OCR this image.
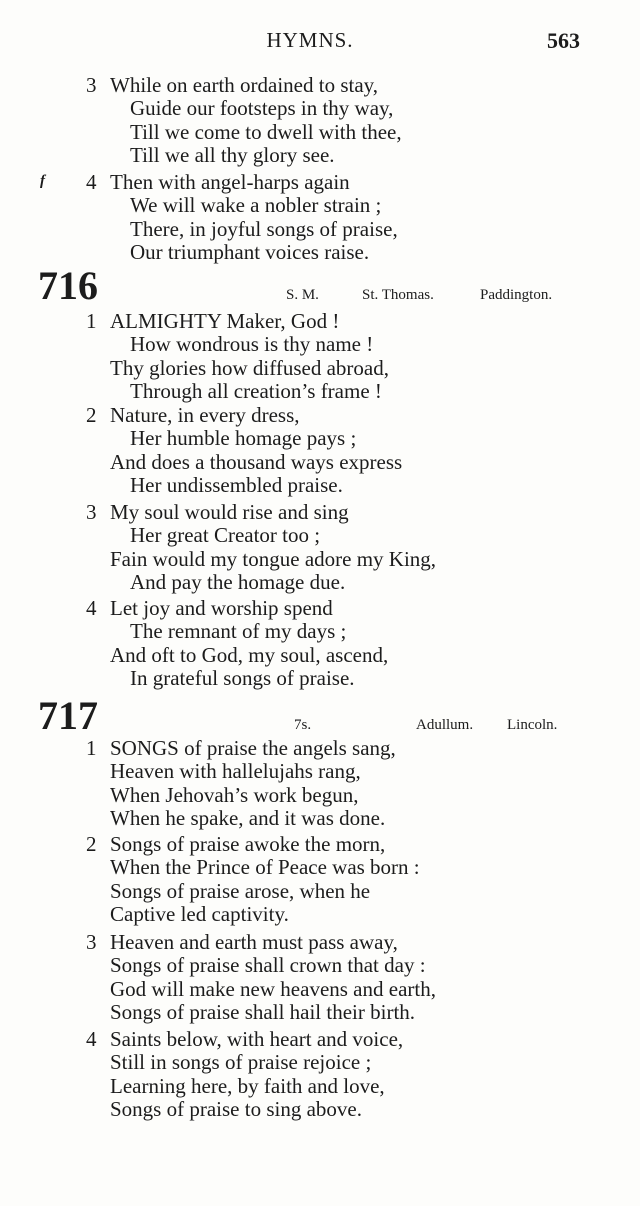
HYMNS.	563
3 While on earth ordained to stay,
Guide our footsteps in thy way,
Till we come to dwell with thee,
Till we all thy glory see.
f 4 Then with angel-harps again
We will wake a nobler strain ;
There, in joyful songs of praise,
Our triumphant voices raise.
716	S. M.	St. Thomas.	Paddington.
1 ALMIGHTY Maker, God !
How wondrous is thy name !
Thy glories how diffused abroad,
Through all creation’s frame !
2 Nature, in every dress,
Her humble homage pays ;
And does a thousand ways express
Her undissembled praise.
3 My soul would rise and sing
Her great Creator too ;
Fain would my tongue adore my King,
And pay the homage due.
4 Let joy and worship spend
The remnant of my days ;
And oft to God, my soul, ascend,
In grateful songs of praise.
717	7s.	Adullum. Lincoln.
1 SONGS of praise the angels sang,
Heaven with hallelujahs rang,
When Jehovah’s work begun,
When he spake, and it was done.
2 Songs of praise awoke the morn,
When the Prince of Peace was born :
Songs of praise arose, when he
Captive led captivity.
3 Heaven and earth must pass away,
Songs of praise shall crown that day :
God will make new heavens and earth,
Songs of praise shall hail their birth.
4 Saints below, with heart and voice,
Still in songs of praise rejoice ;
Learning here, by faith and love,
Songs of praise to sing above.
